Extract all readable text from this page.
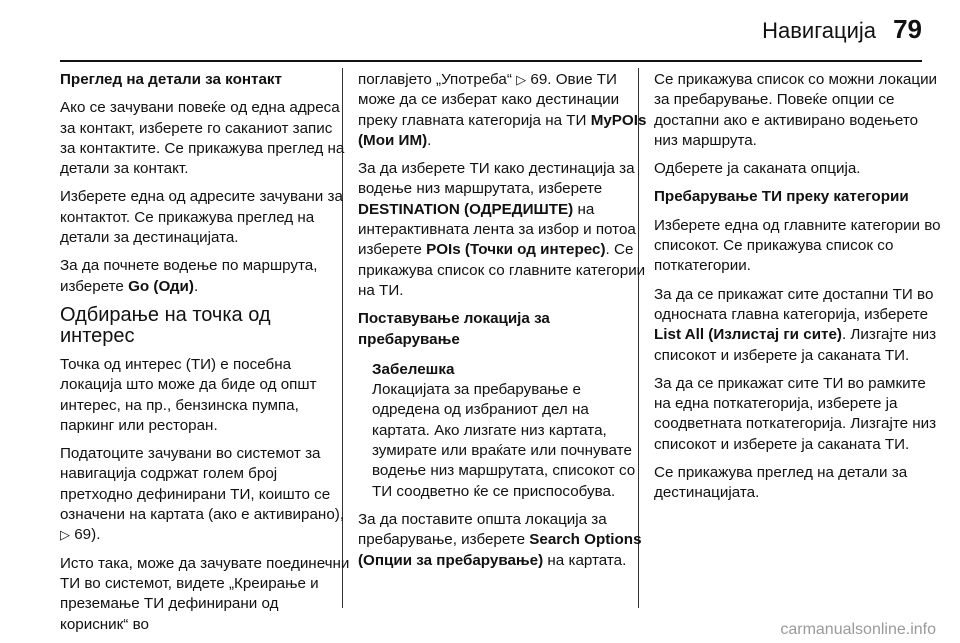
Навигација 79

Преглед на детали за контакт

Ако се зачувани повеќе од една адреса за контакт, изберете го саканиот запис за контактите. Се прикажува преглед на детали за контакт.

Изберете една од адресите зачувани за контактот. Се прикажува преглед на детали за дестинацијата.

За да почнете водење по маршрута, изберете Go (Оди).

Одбирање на точка од интерес

Точка од интерес (ТИ) е посебна локација што може да биде од општ интерес, на пр., бензинска пумпа, паркинг или ресторан.

Податоците зачувани во системот за навигација содржат голем број претходно дефинирани ТИ, коишто се означени на картата (ако е активирано), ▷ 69).

Исто така, може да зачувате поединечни ТИ во системот, видете „Креирање и преземање ТИ дефинирани од корисник“ во

поглавјето „Употреба“ ▷ 69. Овие ТИ може да се изберат како дестинации преку главната категорија на ТИ MyPOIs (Мои ИМ).

За да изберете ТИ како дестинација за водење низ маршрутата, изберете DESTINATION (ОДРЕДИШТЕ) на интерактивната лента за избор и потоа изберете POIs (Точки од интерес). Се прикажува список со главните категории на ТИ.

Поставување локација за пребарување

Забелешка

Локацијата за пребарување е одредена од избраниот дел на картата. Ако лизгате низ картата, зумирате или враќате или почнувате водење низ маршрутата, списокот со ТИ соодветно ќе се приспособува.

За да поставите општа локација за пребарување, изберете Search Options (Опции за пребарување) на картата.

Се прикажува список со можни локации за пребарување. Повеќе опции се достапни ако е активирано водењето низ маршрута.

Одберете ја саканата опција.

Пребарување ТИ преку категории

Изберете една од главните категории во списокот. Се прикажува список со поткатегории.

За да се прикажат сите достапни ТИ во односната главна категорија, изберете List All (Излистај ги сите). Лизгајте низ списокот и изберете ја саканата ТИ.

За да се прикажат сите ТИ во рамките на една поткатегорија, изберете ја соодветната поткатегорија. Лизгајте низ списокот и изберете ја саканата ТИ.

Се прикажува преглед на детали за дестинацијата.

carmanualsonline.info
